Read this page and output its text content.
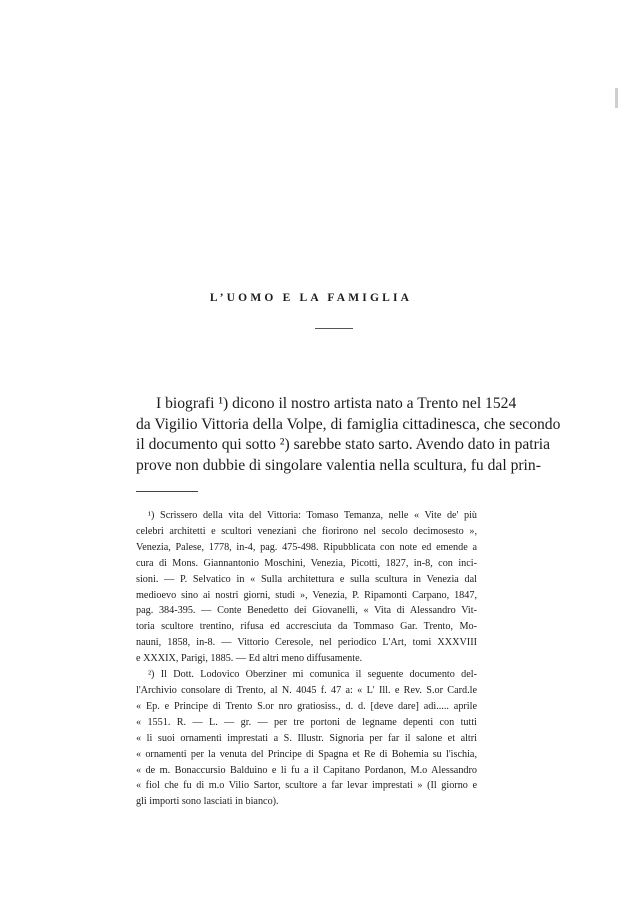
L’UOMO E LA FAMIGLIA
I biografi ¹) dicono il nostro artista nato a Trento nel 1524
da Vigilio Vittoria della Volpe, di famiglia cittadinesca, che secondo
il documento qui sotto ²) sarebbe stato sarto. Avendo dato in patria
prove non dubbie di singolare valentia nella scultura, fu dal prin-
¹) Scrissero della vita del Vittoria: Tomaso Temanza, nelle « Vite de' più
celebri architetti e scultori veneziani che fiorirono nel secolo decimosesto »,
Venezia, Palese, 1778, in-4, pag. 475-498. Ripubblicata con note ed emende a
cura di Mons. Giannantonio Moschini, Venezia, Picotti, 1827, in-8, con inci-
sioni. — P. Selvatico in « Sulla architettura e sulla scultura in Venezia dal
medioevo sino ai nostri giorni, studi », Venezia, P. Ripamonti Carpano, 1847,
pag. 384-395. — Conte Benedetto dei Giovanelli, « Vita di Alessandro Vit-
toria scultore trentino, rifusa ed accresciuta da Tommaso Gar. Trento, Mo-
nauni, 1858, in-8. — Vittorio Ceresole, nel periodico L'Art, tomi XXXVIII
e XXXIX, Parigi, 1885. — Ed altri meno diffusamente.
²) Il Dott. Lodovico Oberziner mi comunica il seguente documento del-
l'Archivio consolare di Trento, al N. 4045 f. 47 a: « L' Ill. e Rev. S.or Card.le
« Ep. e Principe di Trento S.or nro gratiosiss., d. d. [deve dare] adì..... aprile
« 1551. R. — L. — gr. — per tre portoni de legname depenti con tutti
« li suoi ornamenti imprestati a S. Illustr. Signoria per far il salone et altri
« ornamenti per la venuta del Principe di Spagna et Re di Bohemia su l'ischia,
« de m. Bonaccursio Balduino e li fu a il Capitano Pordanon, M.o Alessandro
« fiol che fu di m.o Vilio Sartor, scultore a far levar imprestati » (Il giorno e
gli importi sono lasciati in bianco).
